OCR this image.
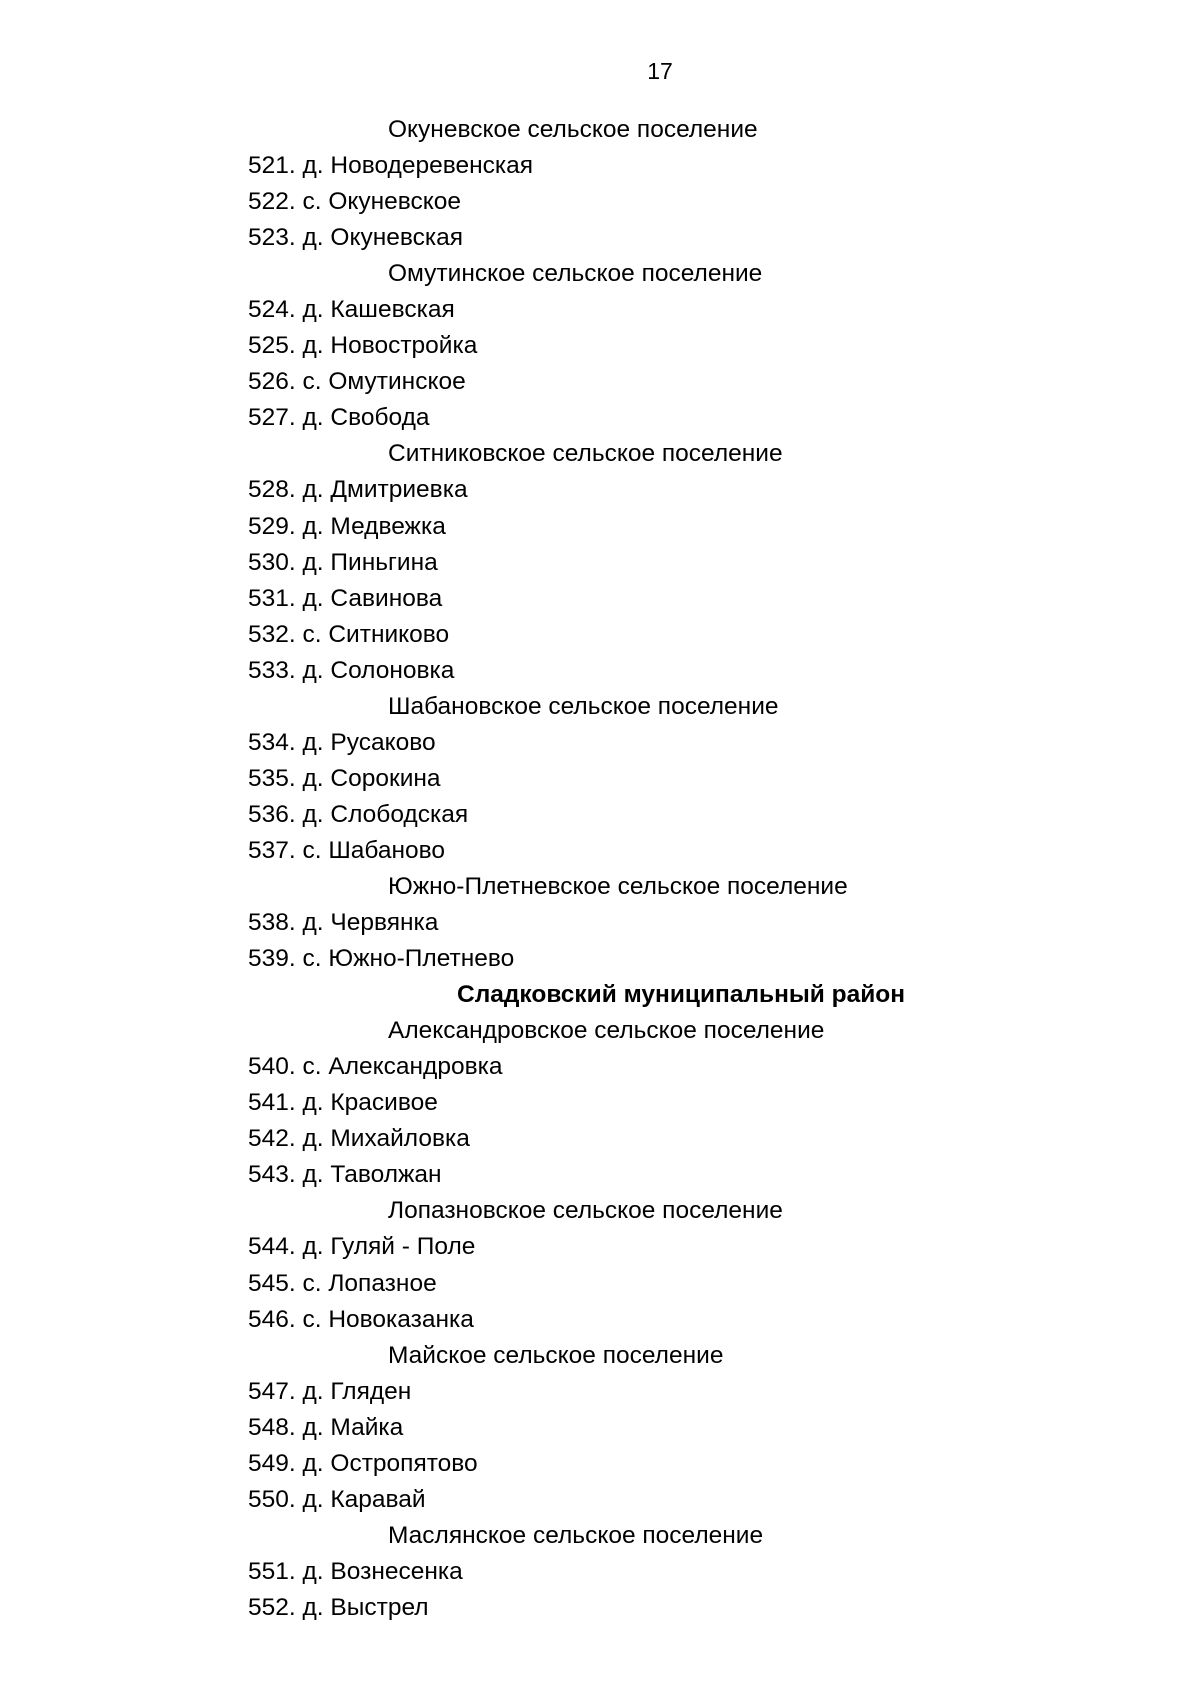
17
Окуневское сельское поселение
521. д. Новодеревенская
522. с. Окуневское
523. д. Окуневская
Омутинское сельское поселение
524. д. Кашевская
525. д. Новостройка
526. с. Омутинское
527. д. Свобода
Ситниковское сельское поселение
528. д. Дмитриевка
529. д. Медвежка
530. д. Пиньгина
531. д. Савинова
532. с. Ситниково
533. д. Солоновка
Шабановское сельское поселение
534. д. Русаково
535. д. Сорокина
536. д. Слободская
537. с. Шабаново
Южно-Плетневское сельское поселение
538. д. Червянка
539. с. Южно-Плетнево
Сладковский муниципальный район
Александровское сельское поселение
540. с. Александровка
541. д. Красивое
542. д. Михайловка
543. д. Таволжан
Лопазновское сельское поселение
544. д. Гуляй - Поле
545. с. Лопазное
546. с. Новоказанка
Майское сельское поселение
547. д. Гляден
548. д. Майка
549. д. Остропятово
550. д. Каравай
Маслянское сельское поселение
551. д. Вознесенка
552. д. Выстрел
